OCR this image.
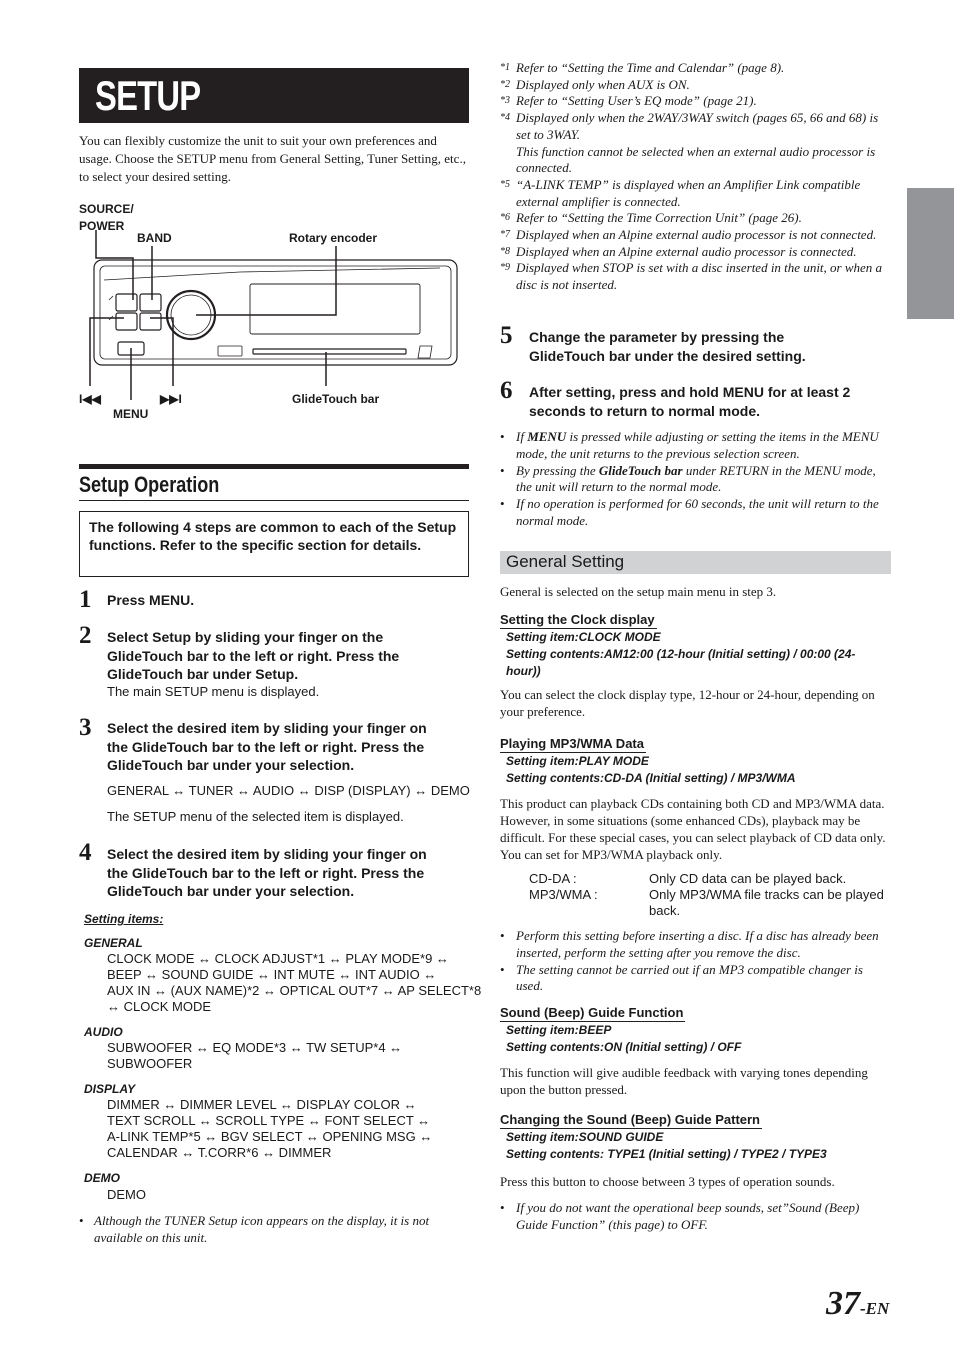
SETUP
You can flexibly customize the unit to suit your own preferences and usage. Choose the SETUP menu from General Setting, Tuner Setting, etc., to select your desired setting.
SOURCE/
POWER
BAND	Rotary encoder
I◀◀	▶▶I
MENU
GlideTouch bar
Setup Operation
The following 4 steps are common to each of the Setup functions. Refer to the specific section for details.
1 Press MENU.
2 Select Setup by sliding your finger on the
GlideTouch bar to the left or right. Press the
GlideTouch bar under Setup.
The main SETUP menu is displayed.
3 Select the desired item by sliding your finger on
the GlideTouch bar to the left or right. Press the
GlideTouch bar under your selection.
GENERAL ↔ TUNER ↔ AUDIO ↔ DISP (DISPLAY) ↔ DEMO
The SETUP menu of the selected item is displayed.
4 Select the desired item by sliding your finger on
the GlideTouch bar to the left or right. Press the
GlideTouch bar under your selection.
Setting items:
GENERAL
CLOCK MODE ↔ CLOCK ADJUST*1 ↔ PLAY MODE*9 ↔
BEEP ↔ SOUND GUIDE ↔ INT MUTE ↔ INT AUDIO ↔
AUX IN ↔ (AUX NAME)*2 ↔ OPTICAL OUT*7 ↔ AP SELECT*8
↔ CLOCK MODE
AUDIO
SUBWOOFER ↔ EQ MODE*3 ↔ TW SETUP*4 ↔
SUBWOOFER
DISPLAY
DIMMER ↔ DIMMER LEVEL ↔ DISPLAY COLOR ↔
TEXT SCROLL ↔ SCROLL TYPE ↔ FONT SELECT ↔
A-LINK TEMP*5 ↔ BGV SELECT ↔ OPENING MSG ↔
CALENDAR ↔ T.CORR*6 ↔ DIMMER
DEMO
DEMO
• Although the TUNER Setup icon appears on the display, it is not available on this unit.
*1 Refer to “Setting the Time and Calendar” (page 8).
*2 Displayed only when AUX is ON.
*3 Refer to “Setting User’s EQ mode” (page 21).
*4 Displayed only when the 2WAY/3WAY switch (pages 65, 66 and 68) is set to 3WAY.
This function cannot be selected when an external audio processor is connected.
*5 “A-LINK TEMP” is displayed when an Amplifier Link compatible external amplifier is connected.
*6 Refer to “Setting the Time Correction Unit” (page 26).
*7 Displayed when an Alpine external audio processor is not connected.
*8 Displayed when an Alpine external audio processor is connected.
*9 Displayed when STOP is set with a disc inserted in the unit, or when a disc is not inserted.
5 Change the parameter by pressing the
GlideTouch bar under the desired setting.
6 After setting, press and hold MENU for at least 2
seconds to return to normal mode.
• If MENU is pressed while adjusting or setting the items in the MENU mode, the unit returns to the previous selection screen.
• By pressing the GlideTouch bar under RETURN in the MENU mode, the unit will return to the normal mode.
• If no operation is performed for 60 seconds, the unit will return to the normal mode.
General Setting
General is selected on the setup main menu in step 3.
Setting the Clock display
Setting item:CLOCK MODE
Setting contents:AM12:00 (12-hour (Initial setting) / 00:00 (24-
hour))
You can select the clock display type, 12-hour or 24-hour, depending on your preference.
Playing MP3/WMA Data
Setting item:PLAY MODE
Setting contents:CD-DA (Initial setting) / MP3/WMA
This product can playback CDs containing both CD and MP3/WMA data. However, in some situations (some enhanced CDs), playback may be difficult. For these special cases, you can select playback of CD data only. You can set for MP3/WMA playback only.
CD-DA :	Only CD data can be played back.
MP3/WMA :	Only MP3/WMA file tracks can be played back.
• Perform this setting before inserting a disc. If a disc has already been inserted, perform the setting after you remove the disc.
• The setting cannot be carried out if an MP3 compatible changer is used.
Sound (Beep) Guide Function
Setting item:BEEP
Setting contents:ON (Initial setting) / OFF
This function will give audible feedback with varying tones depending upon the button pressed.
Changing the Sound (Beep) Guide Pattern
Setting item:SOUND GUIDE
Setting contents: TYPE1 (Initial setting) / TYPE2 / TYPE3
Press this button to choose between 3 types of operation sounds.
• If you do not want the operational beep sounds, set”Sound (Beep) Guide Function” (this page) to OFF.
37-EN
